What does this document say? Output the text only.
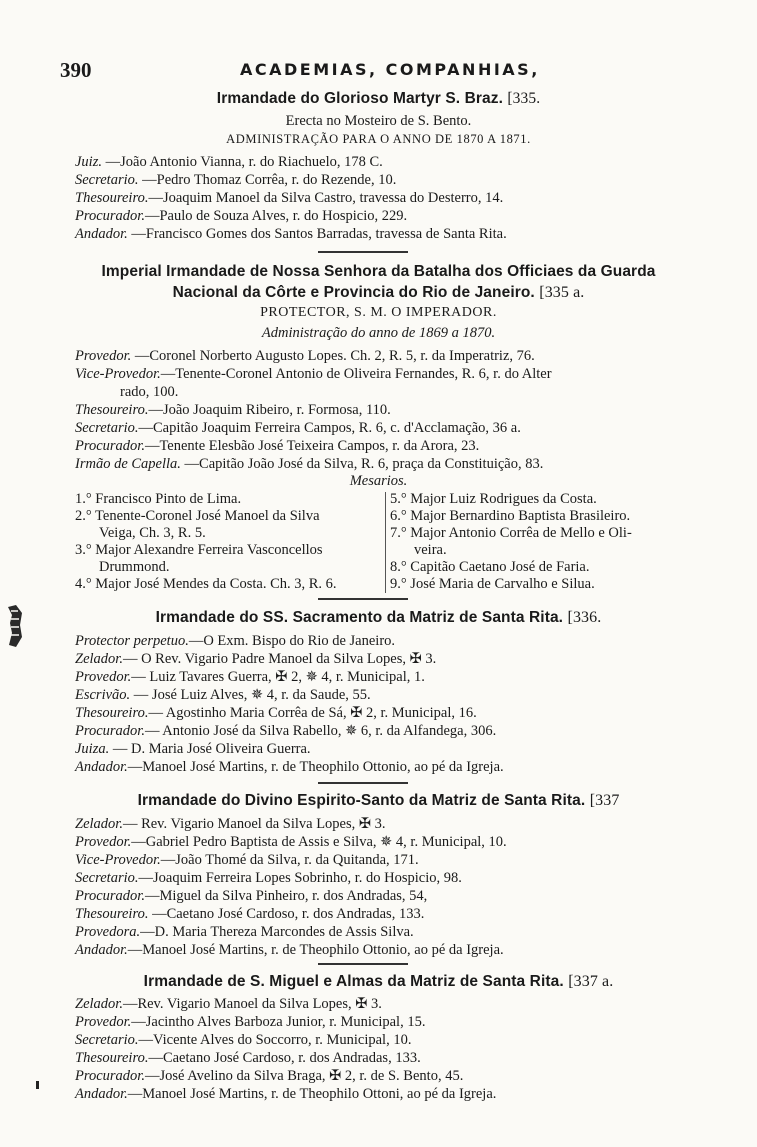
390	ACADEMIAS, COMPANHIAS,
Irmandade do Glorioso Martyr S. Braz. [335.
Erecta no Mosteiro de S. Bento.
ADMINISTRAÇÃO PARA O ANNO DE 1870 A 1871.
Juiz. —João Antonio Vianna, r. do Riachuelo, 178 C.
Secretario. —Pedro Thomaz Corrêa, r. do Rezende, 10.
Thesoureiro.—Joaquim Manoel da Silva Castro, travessa do Desterro, 14.
Procurador.—Paulo de Souza Alves, r. do Hospicio, 229.
Andador. —Francisco Gomes dos Santos Barradas, travessa de Santa Rita.
Imperial Irmandade de Nossa Senhora da Batalha dos Officiaes da Guarda
Nacional da Côrte e Provincia do Rio de Janeiro. [335 a.
PROTECTOR, S. M. O IMPERADOR.
Administração do anno de 1869 a 1870.
Provedor. —Coronel Norberto Augusto Lopes. Ch. 2, R. 5, r. da Imperatriz, 76.
Vice-Provedor.—Tenente-Coronel Antonio de Oliveira Fernandes, R. 6, r. do Alter
rado, 100.
Thesoureiro.—João Joaquim Ribeiro, r. Formosa, 110.
Secretario.—Capitão Joaquim Ferreira Campos, R. 6, c. d'Acclamação, 36 a.
Procurador.—Tenente Elesbão José Teixeira Campos, r. da Arora, 23.
Irmão de Capella. —Capitão João José da Silva, R. 6, praça da Constituição, 83.
Mesarios.
1.° Francisco Pinto de Lima.
2.° Tenente-Coronel José Manoel da Silva
Veiga, Ch. 3, R. 5.
3.° Major Alexandre Ferreira Vasconcellos
Drummond.
4.° Major José Mendes da Costa. Ch. 3, R. 6.
5.° Major Luiz Rodrigues da Costa.
6.° Major Bernardino Baptista Brasileiro.
7.° Major Antonio Corrêa de Mello e Oli-
veira.
8.° Capitão Caetano José de Faria.
9.° José Maria de Carvalho e Silua.
Irmandade do SS. Sacramento da Matriz de Santa Rita. [336.
Protector perpetuo.—O Exm. Bispo do Rio de Janeiro.
Zelador.— O Rev. Vigario Padre Manoel da Silva Lopes, ✠ 3.
Provedor.— Luiz Tavares Guerra, ✠ 2, ✵ 4, r. Municipal, 1.
Escrivão. — José Luiz Alves, ✵ 4, r. da Saude, 55.
Thesoureiro.— Agostinho Maria Corrêa de Sá, ✠ 2, r. Municipal, 16.
Procurador.— Antonio José da Silva Rabello, ✵ 6, r. da Alfandega, 306.
Juiza. — D. Maria José Oliveira Guerra.
Andador.—Manoel José Martins, r. de Theophilo Ottonio, ao pé da Igreja.
Irmandade do Divino Espirito-Santo da Matriz de Santa Rita. [337
Zelador.— Rev. Vigario Manoel da Silva Lopes, ✠ 3.
Provedor.—Gabriel Pedro Baptista de Assis e Silva, ✵ 4, r. Municipal, 10.
Vice-Provedor.—João Thomé da Silva, r. da Quitanda, 171.
Secretario.—Joaquim Ferreira Lopes Sobrinho, r. do Hospicio, 98.
Procurador.—Miguel da Silva Pinheiro, r. dos Andradas, 54,
Thesoureiro. —Caetano José Cardoso, r. dos Andradas, 133.
Provedora.—D. Maria Thereza Marcondes de Assis Silva.
Andador.—Manoel José Martins, r. de Theophilo Ottonio, ao pé da Igreja.
Irmandade de S. Miguel e Almas da Matriz de Santa Rita. [337 a.
Zelador.—Rev. Vigario Manoel da Silva Lopes, ✠ 3.
Provedor.—Jacintho Alves Barboza Junior, r. Municipal, 15.
Secretario.—Vicente Alves do Soccorro, r. Municipal, 10.
Thesoureiro.—Caetano José Cardoso, r. dos Andradas, 133.
Procurador.—José Avelino da Silva Braga, ✠ 2, r. de S. Bento, 45.
Andador.—Manoel José Martins, r. de Theophilo Ottoni, ao pé da Igreja.
